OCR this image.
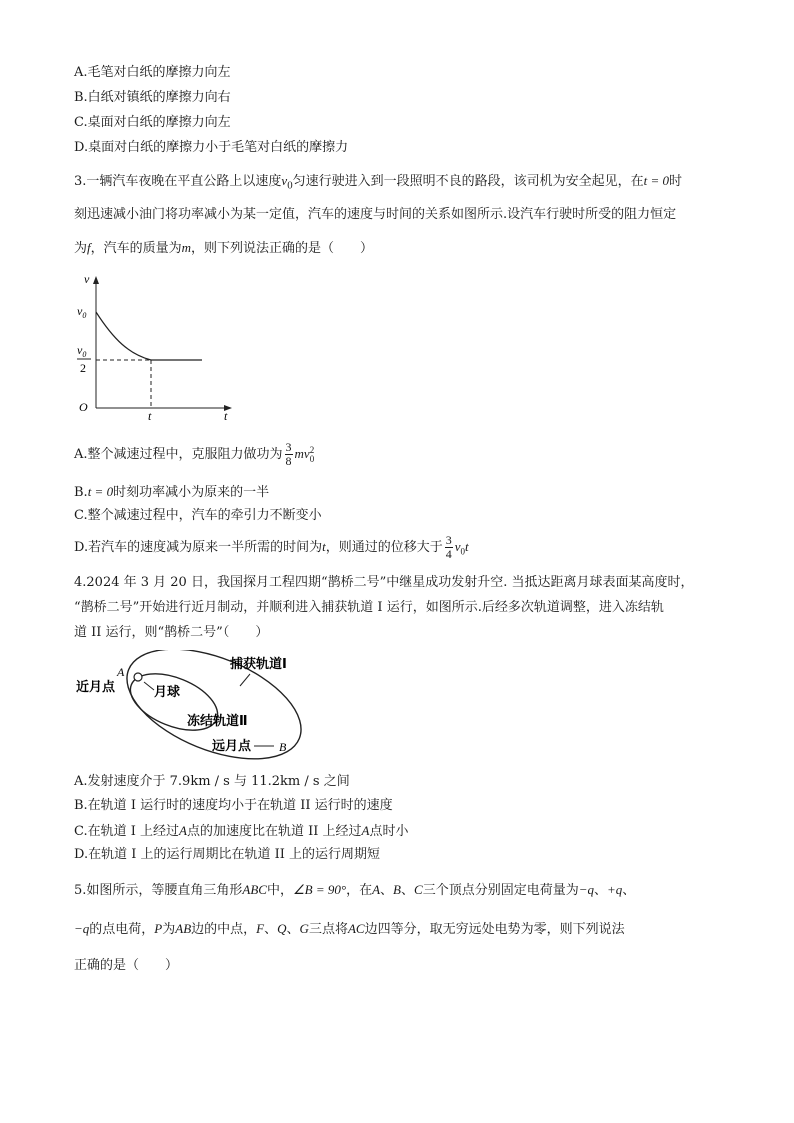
A.毛笔对白纸的摩擦力向左
B.白纸对镇纸的摩擦力向右
C.桌面对白纸的摩擦力向左
D.桌面对白纸的摩擦力小于毛笔对白纸的摩擦力
3.一辆汽车夜晚在平直公路上以速度$v_0$匀速行驶进入到一段照明不良的路段，该司机为安全起见，在t = 0时
刻迅速减小油门将功率减小为某一定值，汽车的速度与时间的关系如图所示.设汽车行驶时所受的阻力恒定
为f，汽车的质量为m，则下列说法正确的是（　　）
v
t
O
$v_0$
$v_0$
2
t
A.整个减速过程中，克服阻力做功为 $\frac{3}{8}$ mv 2
0
B.t = 0时刻功率减小为原来的一半
C.整个减速过程中，汽车的牵引力不断变小
D.若汽车的速度减为原来一半所需的时间为t，则通过的位移大于 $\frac{3}{4} v_0t$
4.2024 年 3 月 20 日，我国探月工程四期“鹊桥二号”中继星成功发射升空. 当抵达距离月球表面某高度时，
“鹊桥二号”开始进行近月制动，并顺利进入捕获轨道 I 运行，如图所示.后经多次轨道调整，进入冻结轨
道 II 运行，则“鹊桥二号”（　　）
A
近月点	月球
捕获轨道Ⅰ
冻结轨道Ⅱ
远月点 B
A.发射速度介于 7.9km / s 与 11.2km / s 之间
B.在轨道 I 运行时的速度均小于在轨道 II 运行时的速度
C.在轨道 I 上经过A点的加速度比在轨道 II 上经过A点时小
D.在轨道 I 上的运行周期比在轨道 II 上的运行周期短
5.如图所示，等腰直角三角形ABC中，∠B = 90°，在A、B、C三个顶点分别固定电荷量为−q、+q、
−q的点电荷，P为AB边的中点，F、Q、G三点将AC边四等分，取无穷远处电势为零，则下列说法
正确的是（　　）
